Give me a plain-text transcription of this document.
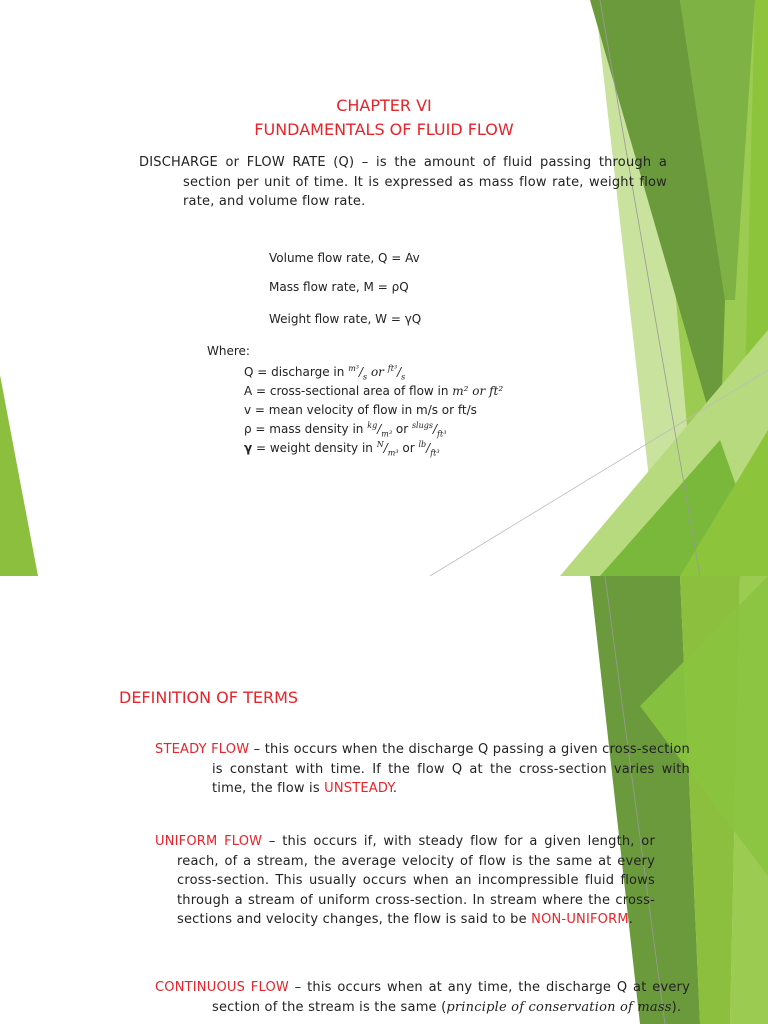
CHAPTER VI
FUNDAMENTALS OF FLUID FLOW
DISCHARGE or FLOW RATE (Q) – is the amount of fluid passing through a section per unit of time. It is expressed as mass flow rate, weight flow rate, and volume flow rate.
Volume flow rate, Q = Av
Mass flow rate, M = ρQ
Weight flow rate, W = γQ
Where:
Q = discharge in $^{m^3}/_s$ or $^{ft^3}/_s$
A = cross-sectional area of flow in m² or ft²
v = mean velocity of flow in m/s or ft/s
ρ = mass density in $^{kg}/_{m^3}$ or $^{slugs}/_{ft^3}$
γ = weight density in $^N/_{m^3}$ or $^{lb}/_{ft^3}$
DEFINITION OF TERMS
STEADY FLOW – this occurs when the discharge Q passing a given cross-section is constant with time. If the flow Q at the cross-section varies with time, the flow is UNSTEADY.
UNIFORM FLOW – this occurs if, with steady flow for a given length, or reach, of a stream, the average velocity of flow is the same at every cross-section. This usually occurs when an incompressible fluid flows through a stream of uniform cross-section. In stream where the cross-sections and velocity changes, the flow is said to be NON-UNIFORM.
CONTINUOUS FLOW – this occurs when at any time, the discharge Q at every section of the stream is the same (principle of conservation of mass).
